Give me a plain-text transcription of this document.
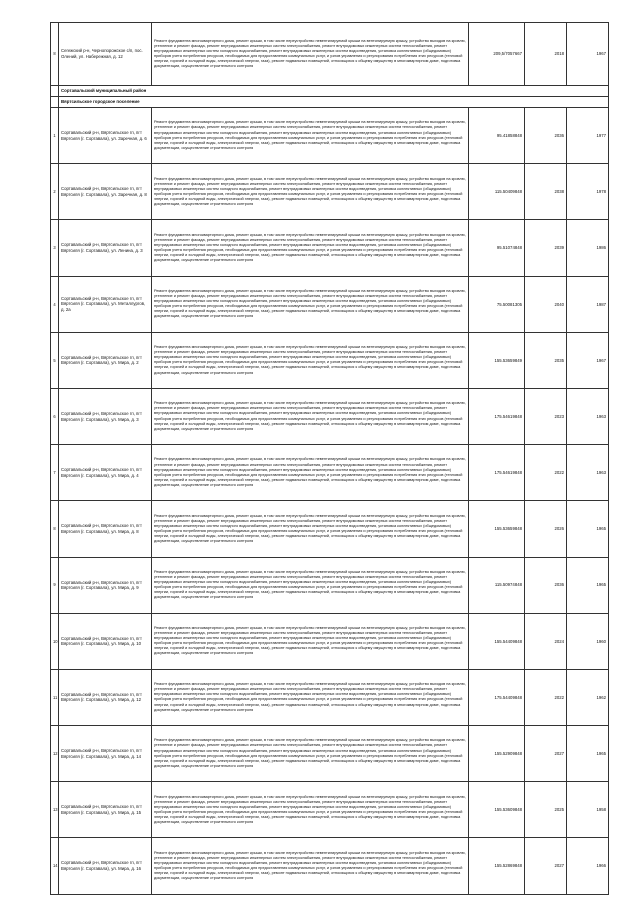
8	Сегежский р-н, Чернопорожское с/п, пос. Олений, ул. Набережная, д. 12	Ремонт фундамента многоквартирного дома, ремонт крыши, в том числе переустройство невентилируемой крыши на вентилируемую крышу, устройство выходов на кровлю, утепление и ремонт фасада, ремонт внутридомовых инженерных систем электроснабжения, ремонт внутридомовых инженерных систем теплоснабжения, ремонт внутридомовых инженерных систем холодного водоснабжения, ремонт внутридомовых инженерных систем водоотведения, установка коллективных (общедомовых) приборов учета потребления ресурсов, необходимых для предоставления коммунальных услуг, и узлов управления и регулирования потребления этих ресурсов (тепловой энергии, горячей и холодной воды, электрической энергии, газа), ремонт подвальных помещений, относящихся к общему имуществу в многоквартирном доме, подготовка документации, осуществление строительного контроля	209,5/7057667	2018	1967
	Сортавальский муниципальный район				
	Вяртсильское городское поселение				
1	Сортавальский р-н, Вяртсильское гп, пгт Вяртсиля (г. Сортавала), ул. Заречная, д. 6	Ремонт фундамента многоквартирного дома, ремонт крыши, в том числе переустройство невентилируемой крыши на вентилируемую крышу, устройство выходов на кровлю, утепление и ремонт фасада, ремонт внутридомовых инженерных систем электроснабжения, ремонт внутридомовых инженерных систем теплоснабжения, ремонт внутридомовых инженерных систем холодного водоснабжения, ремонт внутридомовых инженерных систем водоотведения, установка коллективных (общедомовых) приборов учета потребления ресурсов, необходимых для предоставления коммунальных услуг, и узлов управления и регулирования потребления этих ресурсов (тепловой энергии, горячей и холодной воды, электрической энергии, газа), ремонт подвальных помещений, относящихся к общему имуществу в многоквартирном доме, подготовка документации, осуществление строительного контроля	95.41858848	2036	1977
2	Сортавальский р-н, Вяртсильское гп, пгт Вяртсиля (г. Сортавала), ул. Заречная, д. 8	Ремонт фундамента многоквартирного дома, ремонт крыши, в том числе переустройство невентилируемой крыши на вентилируемую крышу, устройство выходов на кровлю, утепление и ремонт фасада, ремонт внутридомовых инженерных систем электроснабжения, ремонт внутридомовых инженерных систем теплоснабжения, ремонт внутридомовых инженерных систем холодного водоснабжения, ремонт внутридомовых инженерных систем водоотведения, установка коллективных (общедомовых) приборов учета потребления ресурсов, необходимых для предоставления коммунальных услуг, и узлов управления и регулирования потребления этих ресурсов (тепловой энергии, горячей и холодной воды, электрической энергии, газа), ремонт подвальных помещений, относящихся к общему имуществу в многоквартирном доме, подготовка документации, осуществление строительного контроля	115.50409848	2038	1978
3	Сортавальский р-н, Вяртсильское гп, пгт Вяртсиля (г. Сортавала), ул. Ленина, д. 3	Ремонт фундамента многоквартирного дома, ремонт крыши, в том числе переустройство невентилируемой крыши на вентилируемую крышу, устройство выходов на кровлю, утепление и ремонт фасада, ремонт внутридомовых инженерных систем электроснабжения, ремонт внутридомовых инженерных систем теплоснабжения, ремонт внутридомовых инженерных систем холодного водоснабжения, ремонт внутридомовых инженерных систем водоотведения, установка коллективных (общедомовых) приборов учета потребления ресурсов, необходимых для предоставления коммунальных услуг, и узлов управления и регулирования потребления этих ресурсов (тепловой энергии, горячей и холодной воды, электрической энергии, газа), ремонт подвальных помещений, относящихся к общему имуществу в многоквартирном доме, подготовка документации, осуществление строительного контроля	95.51074848	2039	1986
4	Сортавальский р-н, Вяртсильское гп, пгт Вяртсиля (г. Сортавала), ул. Металлургов, д. 2а	Ремонт фундамента многоквартирного дома, ремонт крыши, в том числе переустройство невентилируемой крыши на вентилируемую крышу, устройство выходов на кровлю, утепление и ремонт фасада, ремонт внутридомовых инженерных систем электроснабжения, ремонт внутридомовых инженерных систем теплоснабжения, ремонт внутридомовых инженерных систем холодного водоснабжения, ремонт внутридомовых инженерных систем водоотведения, установка коллективных (общедомовых) приборов учета потребления ресурсов, необходимых для предоставления коммунальных услуг, и узлов управления и регулирования потребления этих ресурсов (тепловой энергии, горячей и холодной воды, электрической энергии, газа), ремонт подвальных помещений, относящихся к общему имуществу в многоквартирном доме, подготовка документации, осуществление строительного контроля	75.50081305	2040	1987
5	Сортавальский р-н, Вяртсильское гп, пгт Вяртсиля (г. Сортавала), ул. Мира, д. 2	Ремонт фундамента многоквартирного дома, ремонт крыши, в том числе переустройство невентилируемой крыши на вентилируемую крышу, устройство выходов на кровлю, утепление и ремонт фасада, ремонт внутридомовых инженерных систем электроснабжения, ремонт внутридомовых инженерных систем теплоснабжения, ремонт внутридомовых инженерных систем холодного водоснабжения, ремонт внутридомовых инженерных систем водоотведения, установка коллективных (общедомовых) приборов учета потребления ресурсов, необходимых для предоставления коммунальных услуг, и узлов управления и регулирования потребления этих ресурсов (тепловой энергии, горячей и холодной воды, электрической энергии, газа), ремонт подвальных помещений, относящихся к общему имуществу в многоквартирном доме, подготовка документации, осуществление строительного контроля	155.53659849	2035	1967
6	Сортавальский р-н, Вяртсильское гп, пгт Вяртсиля (г. Сортавала), ул. Мира, д. 3	Ремонт фундамента многоквартирного дома, ремонт крыши, в том числе переустройство невентилируемой крыши на вентилируемую крышу, устройство выходов на кровлю, утепление и ремонт фасада, ремонт внутридомовых инженерных систем электроснабжения, ремонт внутридомовых инженерных систем теплоснабжения, ремонт внутридомовых инженерных систем холодного водоснабжения, ремонт внутридомовых инженерных систем водоотведения, установка коллективных (общедомовых) приборов учета потребления ресурсов, необходимых для предоставления коммунальных услуг, и узлов управления и регулирования потребления этих ресурсов (тепловой энергии, горячей и холодной воды, электрической энергии, газа), ремонт подвальных помещений, относящихся к общему имуществу в многоквартирном доме, подготовка документации, осуществление строительного контроля	175.54619848	2023	1963
7	Сортавальский р-н, Вяртсильское гп, пгт Вяртсиля (г. Сортавала), ул. Мира, д. 4	Ремонт фундамента многоквартирного дома, ремонт крыши, в том числе переустройство невентилируемой крыши на вентилируемую крышу, устройство выходов на кровлю, утепление и ремонт фасада, ремонт внутридомовых инженерных систем электроснабжения, ремонт внутридомовых инженерных систем теплоснабжения, ремонт внутридомовых инженерных систем холодного водоснабжения, ремонт внутридомовых инженерных систем водоотведения, установка коллективных (общедомовых) приборов учета потребления ресурсов, необходимых для предоставления коммунальных услуг, и узлов управления и регулирования потребления этих ресурсов (тепловой энергии, горячей и холодной воды, электрической энергии, газа), ремонт подвальных помещений, относящихся к общему имуществу в многоквартирном доме, подготовка документации, осуществление строительного контроля	175.54619848	2022	1963
8	Сортавальский р-н, Вяртсильское гп, пгт Вяртсиля (г. Сортавала), ул. Мира, д. 8	Ремонт фундамента многоквартирного дома, ремонт крыши, в том числе переустройство невентилируемой крыши на вентилируемую крышу, устройство выходов на кровлю, утепление и ремонт фасада, ремонт внутридомовых инженерных систем электроснабжения, ремонт внутридомовых инженерных систем теплоснабжения, ремонт внутридомовых инженерных систем холодного водоснабжения, ремонт внутридомовых инженерных систем водоотведения, установка коллективных (общедомовых) приборов учета потребления ресурсов, необходимых для предоставления коммунальных услуг, и узлов управления и регулирования потребления этих ресурсов (тепловой энергии, горячей и холодной воды, электрической энергии, газа), ремонт подвальных помещений, относящихся к общему имуществу в многоквартирном доме, подготовка документации, осуществление строительного контроля	155.53659848	2026	1965
9	Сортавальский р-н, Вяртсильское гп, пгт Вяртсиля (г. Сортавала), ул. Мира, д. 9	Ремонт фундамента многоквартирного дома, ремонт крыши, в том числе переустройство невентилируемой крыши на вентилируемую крышу, устройство выходов на кровлю, утепление и ремонт фасада, ремонт внутридомовых инженерных систем электроснабжения, ремонт внутридомовых инженерных систем теплоснабжения, ремонт внутридомовых инженерных систем холодного водоснабжения, ремонт внутридомовых инженерных систем водоотведения, установка коллективных (общедомовых) приборов учета потребления ресурсов, необходимых для предоставления коммунальных услуг, и узлов управления и регулирования потребления этих ресурсов (тепловой энергии, горячей и холодной воды, электрической энергии, газа), ремонт подвальных помещений, относящихся к общему имуществу в многоквартирном доме, подготовка документации, осуществление строительного контроля	115.50974848	2036	1965
10	Сортавальский р-н, Вяртсильское гп, пгт Вяртсиля (г. Сортавала), ул. Мира, д. 10	Ремонт фундамента многоквартирного дома, ремонт крыши, в том числе переустройство невентилируемой крыши на вентилируемую крышу, устройство выходов на кровлю, утепление и ремонт фасада, ремонт внутридомовых инженерных систем электроснабжения, ремонт внутридомовых инженерных систем теплоснабжения, ремонт внутридомовых инженерных систем холодного водоснабжения, ремонт внутридомовых инженерных систем водоотведения, установка коллективных (общедомовых) приборов учета потребления ресурсов, необходимых для предоставления коммунальных услуг, и узлов управления и регулирования потребления этих ресурсов (тепловой энергии, горячей и холодной воды, электрической энергии, газа), ремонт подвальных помещений, относящихся к общему имуществу в многоквартирном доме, подготовка документации, осуществление строительного контроля	155.54409848	2024	1960
11	Сортавальский р-н, Вяртсильское гп, пгт Вяртсиля (г. Сортавала), ул. Мира, д. 12	Ремонт фундамента многоквартирного дома, ремонт крыши, в том числе переустройство невентилируемой крыши на вентилируемую крышу, устройство выходов на кровлю, утепление и ремонт фасада, ремонт внутридомовых инженерных систем электроснабжения, ремонт внутридомовых инженерных систем теплоснабжения, ремонт внутридомовых инженерных систем холодного водоснабжения, ремонт внутридомовых инженерных систем водоотведения, установка коллективных (общедомовых) приборов учета потребления ресурсов, необходимых для предоставления коммунальных услуг, и узлов управления и регулирования потребления этих ресурсов (тепловой энергии, горячей и холодной воды, электрической энергии, газа), ремонт подвальных помещений, относящихся к общему имуществу в многоквартирном доме, подготовка документации, осуществление строительного контроля	175.54409848	2022	1962
12	Сортавальский р-н, Вяртсильское гп, пгт Вяртсиля (г. Сортавала), ул. Мира, д. 14	Ремонт фундамента многоквартирного дома, ремонт крыши, в том числе переустройство невентилируемой крыши на вентилируемую крышу, устройство выходов на кровлю, утепление и ремонт фасада, ремонт внутридомовых инженерных систем электроснабжения, ремонт внутридомовых инженерных систем теплоснабжения, ремонт внутридомовых инженерных систем холодного водоснабжения, ремонт внутридомовых инженерных систем водоотведения, установка коллективных (общедомовых) приборов учета потребления ресурсов, необходимых для предоставления коммунальных услуг, и узлов управления и регулирования потребления этих ресурсов (тепловой энергии, горячей и холодной воды, электрической энергии, газа), ремонт подвальных помещений, относящихся к общему имуществу в многоквартирном доме, подготовка документации, осуществление строительного контроля	155.52909848	2027	1965
13	Сортавальский р-н, Вяртсильское гп, пгт Вяртсиля (г. Сортавала), ул. Мира, д. 15	Ремонт фундамента многоквартирного дома, ремонт крыши, в том числе переустройство невентилируемой крыши на вентилируемую крышу, устройство выходов на кровлю, утепление и ремонт фасада, ремонт внутридомовых инженерных систем электроснабжения, ремонт внутридомовых инженерных систем теплоснабжения, ремонт внутридомовых инженерных систем холодного водоснабжения, ремонт внутридомовых инженерных систем водоотведения, установка коллективных (общедомовых) приборов учета потребления ресурсов, необходимых для предоставления коммунальных услуг, и узлов управления и регулирования потребления этих ресурсов (тепловой энергии, горячей и холодной воды, электрической энергии, газа), ремонт подвальных помещений, относящихся к общему имуществу в многоквартирном доме, подготовка документации, осуществление строительного контроля	155.53609848	2025	1958
14	Сортавальский р-н, Вяртсильское гп, пгт Вяртсиля (г. Сортавала), ул. Мира, д. 16	Ремонт фундамента многоквартирного дома, ремонт крыши, в том числе переустройство невентилируемой крыши на вентилируемую крышу, устройство выходов на кровлю, утепление и ремонт фасада, ремонт внутридомовых инженерных систем электроснабжения, ремонт внутридомовых инженерных систем теплоснабжения, ремонт внутридомовых инженерных систем холодного водоснабжения, ремонт внутридомовых инженерных систем водоотведения, установка коллективных (общедомовых) приборов учета потребления ресурсов, необходимых для предоставления коммунальных услуг, и узлов управления и регулирования потребления этих ресурсов (тепловой энергии, горячей и холодной воды, электрической энергии, газа), ремонт подвальных помещений, относящихся к общему имуществу в многоквартирном доме, подготовка документации, осуществление строительного контроля	155.52869848	2027	1966
